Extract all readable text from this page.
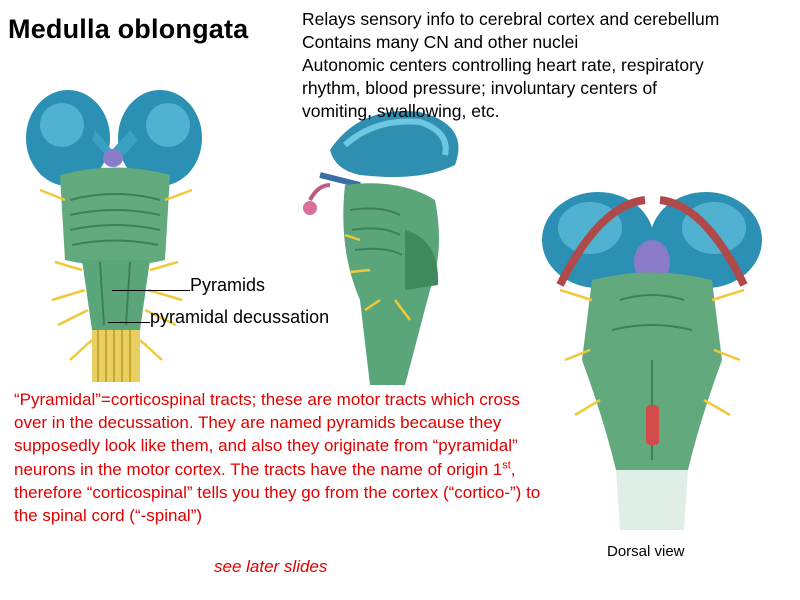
Medulla oblongata	Relays sensory info to cerebral cortex and cerebellum
Contains many CN and other nuclei
Autonomic centers controlling heart rate, respiratory
rhythm, blood pressure; involuntary centers of
vomiting, swallowing, etc.
Pyramids
pyramidal decussation
“Pyramidal”=corticospinal tracts; these are motor tracts which cross over in the decussation. They are named pyramids because they supposedly look like them, and also they originate from “pyramidal” neurons in the motor cortex. The tracts have the name of origin 1st, therefore “corticospinal” tells you they go from the cortex (“cortico-”) to the spinal cord (“-spinal”)
see later slides
Dorsal view
